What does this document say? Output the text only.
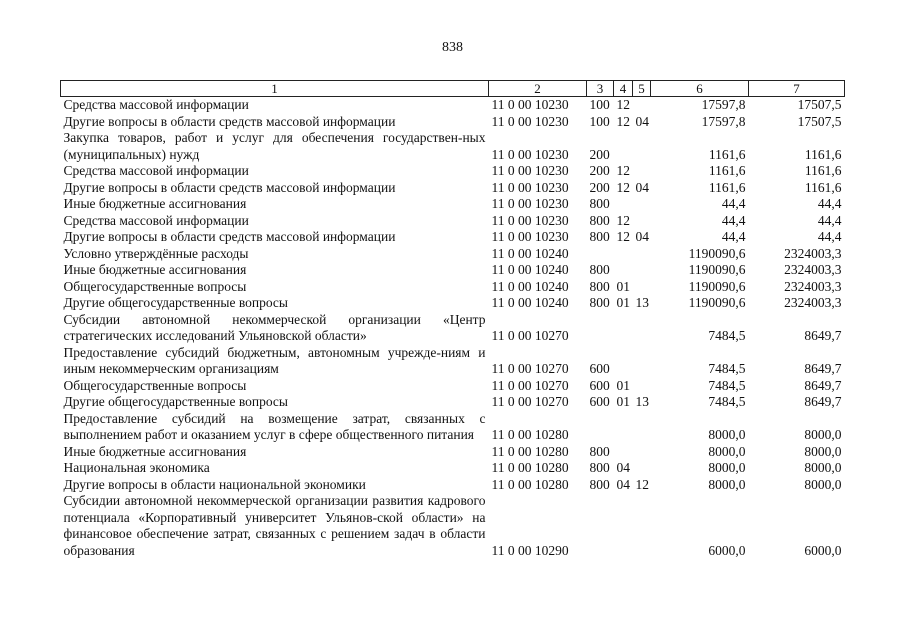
838
1	2	3	4	5	6	7
Средства массовой информации	11 0 00 10230	100	12		17597,8	17507,5
Другие вопросы в области средств массовой информации	11 0 00 10230	100	12	04	17597,8	17507,5
Закупка товаров, работ и услуг для обеспечения государствен-ных (муниципальных) нужд	11 0 00 10230	200			1161,6	1161,6
Средства массовой информации	11 0 00 10230	200	12		1161,6	1161,6
Другие вопросы в области средств массовой информации	11 0 00 10230	200	12	04	1161,6	1161,6
Иные бюджетные ассигнования	11 0 00 10230	800			44,4	44,4
Средства массовой информации	11 0 00 10230	800	12		44,4	44,4
Другие вопросы в области средств массовой информации	11 0 00 10230	800	12	04	44,4	44,4
Условно утверждённые расходы	11 0 00 10240				1190090,6	2324003,3
Иные бюджетные ассигнования	11 0 00 10240	800			1190090,6	2324003,3
Общегосударственные вопросы	11 0 00 10240	800	01		1190090,6	2324003,3
Другие общегосударственные вопросы	11 0 00 10240	800	01	13	1190090,6	2324003,3
Субсидии автономной некоммерческой организации «Центр стратегических исследований Ульяновской области»	11 0 00 10270				7484,5	8649,7
Предоставление субсидий бюджетным, автономным учрежде-ниям и иным некоммерческим организациям	11 0 00 10270	600			7484,5	8649,7
Общегосударственные вопросы	11 0 00 10270	600	01		7484,5	8649,7
Другие общегосударственные вопросы	11 0 00 10270	600	01	13	7484,5	8649,7
Предоставление субсидий на возмещение затрат, связанных с выполнением работ и оказанием услуг в сфере общественного питания	11 0 00 10280				8000,0	8000,0
Иные бюджетные ассигнования	11 0 00 10280	800			8000,0	8000,0
Национальная экономика	11 0 00 10280	800	04		8000,0	8000,0
Другие вопросы в области национальной экономики	11 0 00 10280	800	04	12	8000,0	8000,0
Субсидии автономной некоммерческой организации развития кадрового потенциала «Корпоративный университет Ульянов-ской области» на финансовое обеспечение затрат, связанных с решением задач в области образования	11 0 00 10290				6000,0	6000,0
